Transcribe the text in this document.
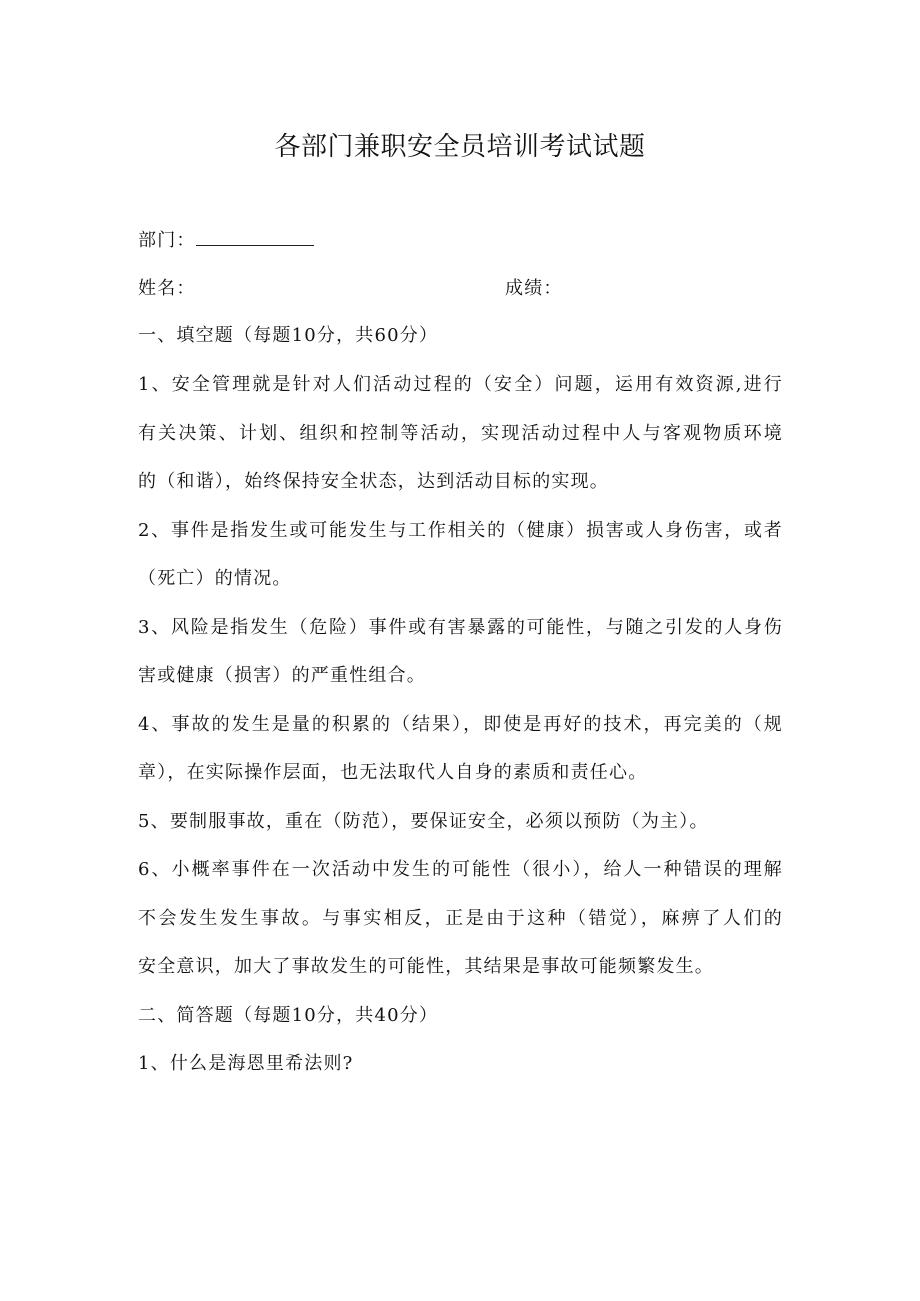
各部门兼职安全员培训考试试题
部门：
姓名：	成绩：
一、填空题（每题10分，共60分）
1、安全管理就是针对人们活动过程的（安全）问题，运用有效资源,进行
有关决策、计划、组织和控制等活动，实现活动过程中人与客观物质环境
的（和谐），始终保持安全状态，达到活动目标的实现。
2、事件是指发生或可能发生与工作相关的（健康）损害或人身伤害，或者
（死亡）的情况。
3、风险是指发生（危险）事件或有害暴露的可能性，与随之引发的人身伤
害或健康（损害）的严重性组合。
4、事故的发生是量的积累的（结果），即使是再好的技术，再完美的（规
章），在实际操作层面，也无法取代人自身的素质和责任心。
5、要制服事故，重在（防范），要保证安全，必须以预防（为主）。
6、小概率事件在一次活动中发生的可能性（很小），给人一种错误的理解
不会发生发生事故。与事实相反，正是由于这种（错觉），麻痹了人们的
安全意识，加大了事故发生的可能性，其结果是事故可能频繁发生。
二、简答题（每题10分，共40分）
1、什么是海恩里希法则?
